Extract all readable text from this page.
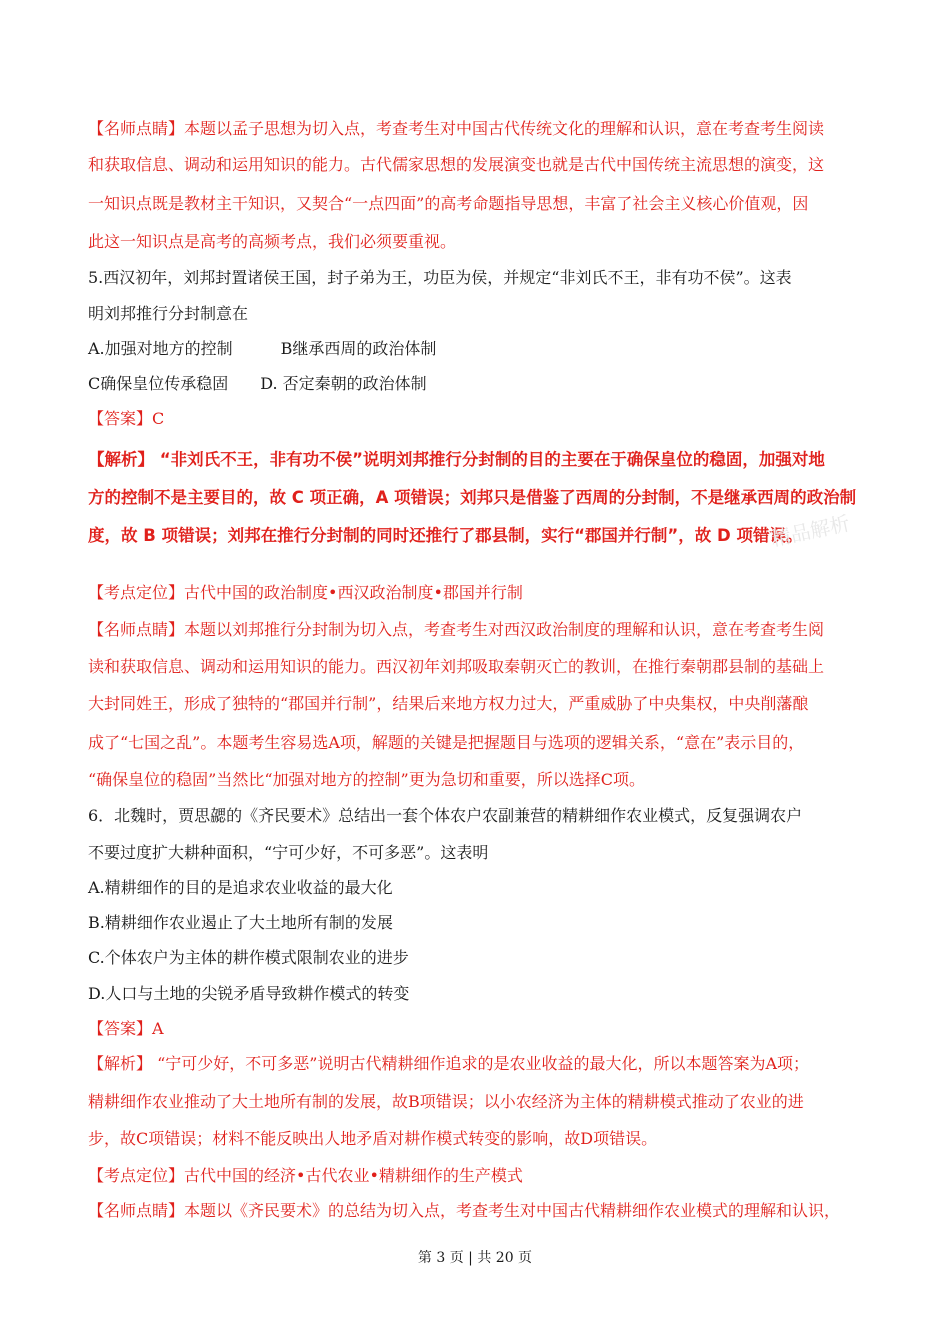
【名师点睛】本题以孟子思想为切入点，考查考生对中国古代传统文化的理解和认识，意在考查考生阅读
和获取信息、调动和运用知识的能力。古代儒家思想的发展演变也就是古代中国传统主流思想的演变，这
一知识点既是教材主干知识，又契合“一点四面”的高考命题指导思想，丰富了社会主义核心价值观，因
此这一知识点是高考的高频考点，我们必须要重视。
5.西汉初年，刘邦封置诸侯王国，封子弟为王，功臣为侯，并规定“非刘氏不王，非有功不侯”。这表
明刘邦推行分封制意在
A.加强对地方的控制　　　B继承西周的政治体制
C确保皇位传承稳固　　D. 否定秦朝的政治体制
【答案】C
【解析】 “非刘氏不王，非有功不侯”说明刘邦推行分封制的目的主要在于确保皇位的稳固，加强对地
方的控制不是主要目的，故 C 项正确，A 项错误；刘邦只是借鉴了西周的分封制，不是继承西周的政治制
度，故 B 项错误；刘邦在推行分封制的同时还推行了郡县制，实行“郡国并行制”，故 D 项错误。
精品解析
【考点定位】古代中国的政治制度•西汉政治制度•郡国并行制
【名师点睛】本题以刘邦推行分封制为切入点，考查考生对西汉政治制度的理解和认识，意在考查考生阅
读和获取信息、调动和运用知识的能力。西汉初年刘邦吸取秦朝灭亡的教训，在推行秦朝郡县制的基础上
大封同姓王，形成了独特的“郡国并行制”，结果后来地方权力过大，严重威胁了中央集权，中央削藩酿
成了“七国之乱”。本题考生容易选A项，解题的关键是把握题目与选项的逻辑关系，“意在”表示目的，
“确保皇位的稳固”当然比“加强对地方的控制”更为急切和重要，所以选择C项。
6．北魏时，贾思勰的《齐民要术》总结出一套个体农户农副兼营的精耕细作农业模式，反复强调农户
不要过度扩大耕种面积，“宁可少好，不可多恶”。这表明
A.精耕细作的目的是追求农业收益的最大化
B.精耕细作农业遏止了大土地所有制的发展
C.个体农户为主体的耕作模式限制农业的进步
D.人口与土地的尖锐矛盾导致耕作模式的转变
【答案】A
【解析】 “宁可少好，不可多恶”说明古代精耕细作追求的是农业收益的最大化，所以本题答案为A项；
精耕细作农业推动了大土地所有制的发展，故B项错误；以小农经济为主体的精耕模式推动了农业的进
步，故C项错误；材料不能反映出人地矛盾对耕作模式转变的影响，故D项错误。
【考点定位】古代中国的经济•古代农业•精耕细作的生产模式
【名师点睛】本题以《齐民要术》的总结为切入点，考查考生对中国古代精耕细作农业模式的理解和认识，
第 3 页 | 共 20 页
